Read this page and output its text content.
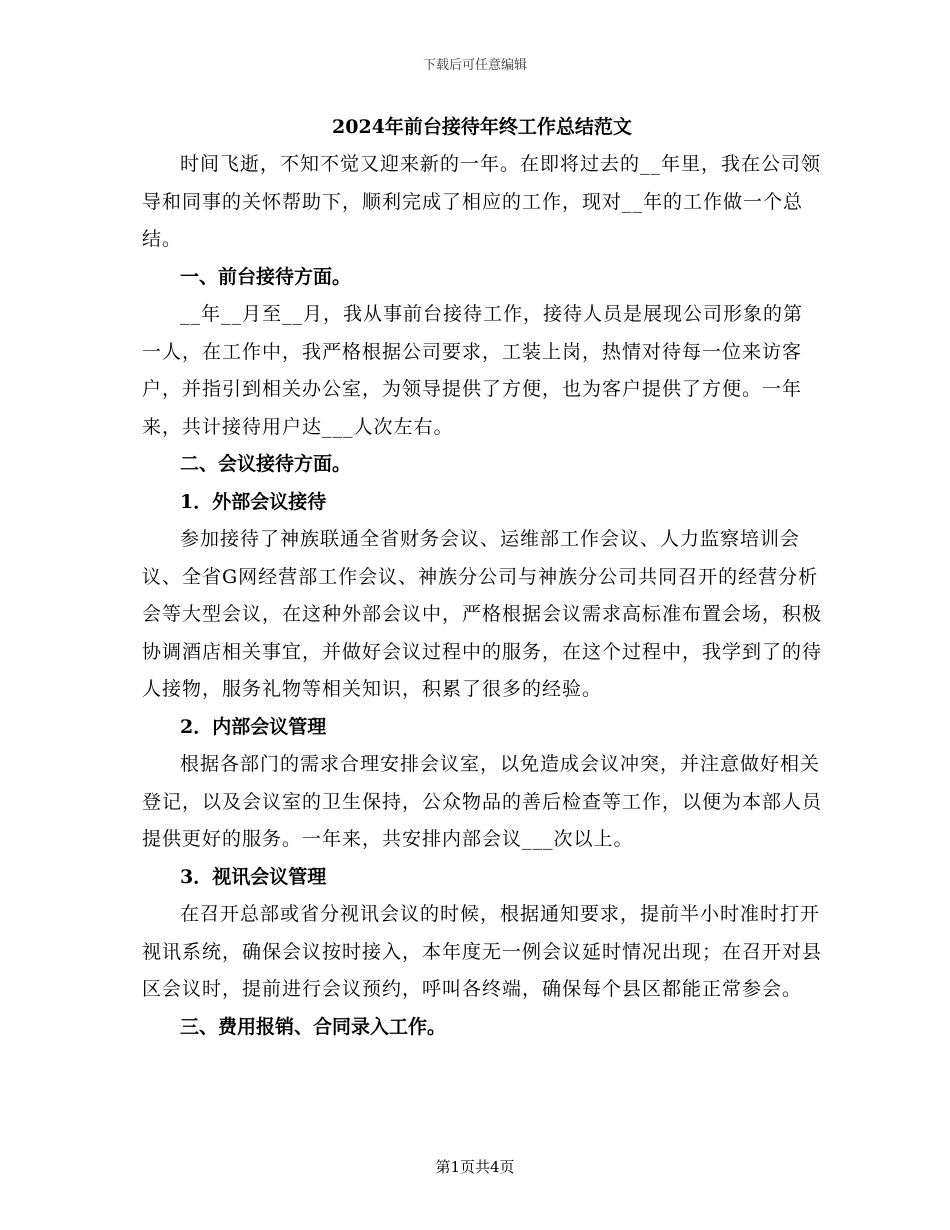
下载后可任意编辑
2024年前台接待年终工作总结范文

时间飞逝，不知不觉又迎来新的一年。在即将过去的__年里，我在公司领导和同事的关怀帮助下，顺利完成了相应的工作，现对__年的工作做一个总结。

一、前台接待方面。

__年__月至__月，我从事前台接待工作，接待人员是展现公司形象的第一人，在工作中，我严格根据公司要求，工装上岗，热情对待每一位来访客户，并指引到相关办公室，为领导提供了方便，也为客户提供了方便。一年来，共计接待用户达___人次左右。

二、会议接待方面。

1．外部会议接待

参加接待了神族联通全省财务会议、运维部工作会议、人力监察培训会议、全省G网经营部工作会议、神族分公司与神族分公司共同召开的经营分析会等大型会议，在这种外部会议中，严格根据会议需求高标准布置会场，积极协调酒店相关事宜，并做好会议过程中的服务，在这个过程中，我学到了的待人接物，服务礼物等相关知识，积累了很多的经验。

2．内部会议管理

根据各部门的需求合理安排会议室，以免造成会议冲突，并注意做好相关登记，以及会议室的卫生保持，公众物品的善后检查等工作，以便为本部人员提供更好的服务。一年来，共安排内部会议___次以上。

3．视讯会议管理

在召开总部或省分视讯会议的时候，根据通知要求，提前半小时准时打开视讯系统，确保会议按时接入，本年度无一例会议延时情况出现；在召开对县区会议时，提前进行会议预约，呼叫各终端，确保每个县区都能正常参会。

三、费用报销、合同录入工作。

第1页共4页
